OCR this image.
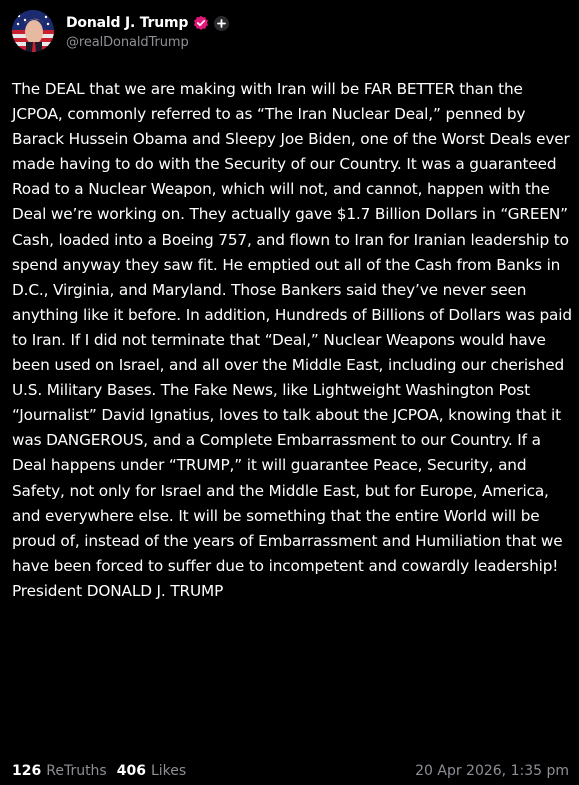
Donald J. Trump
@realDonaldTrump
The DEAL that we are making with Iran will be FAR BETTER than the JCPOA, commonly referred to as “The Iran Nuclear Deal,” penned by Barack Hussein Obama and Sleepy Joe Biden, one of the Worst Deals ever made having to do with the Security of our Country. It was a guaranteed Road to a Nuclear Weapon, which will not, and cannot, happen with the Deal we’re working on. They actually gave $1.7 Billion Dollars in “GREEN” Cash, loaded into a Boeing 757, and flown to Iran for Iranian leadership to spend anyway they saw fit. He emptied out all of the Cash from Banks in D.C., Virginia, and Maryland. Those Bankers said they’ve never seen anything like it before. In addition, Hundreds of Billions of Dollars was paid to Iran. If I did not terminate that “Deal,” Nuclear Weapons would have been used on Israel, and all over the Middle East, including our cherished U.S. Military Bases. The Fake News, like Lightweight Washington Post “Journalist” David Ignatius, loves to talk about the JCPOA, knowing that it was DANGEROUS, and a Complete Embarrassment to our Country. If a Deal happens under “TRUMP,” it will guarantee Peace, Security, and Safety, not only for Israel and the Middle East, but for Europe, America, and everywhere else. It will be something that the entire World will be proud of, instead of the years of Embarrassment and Humiliation that we have been forced to suffer due to incompetent and cowardly leadership! President DONALD J. TRUMP
126 ReTruths 406 Likes	20 Apr 2026, 1:35 pm
